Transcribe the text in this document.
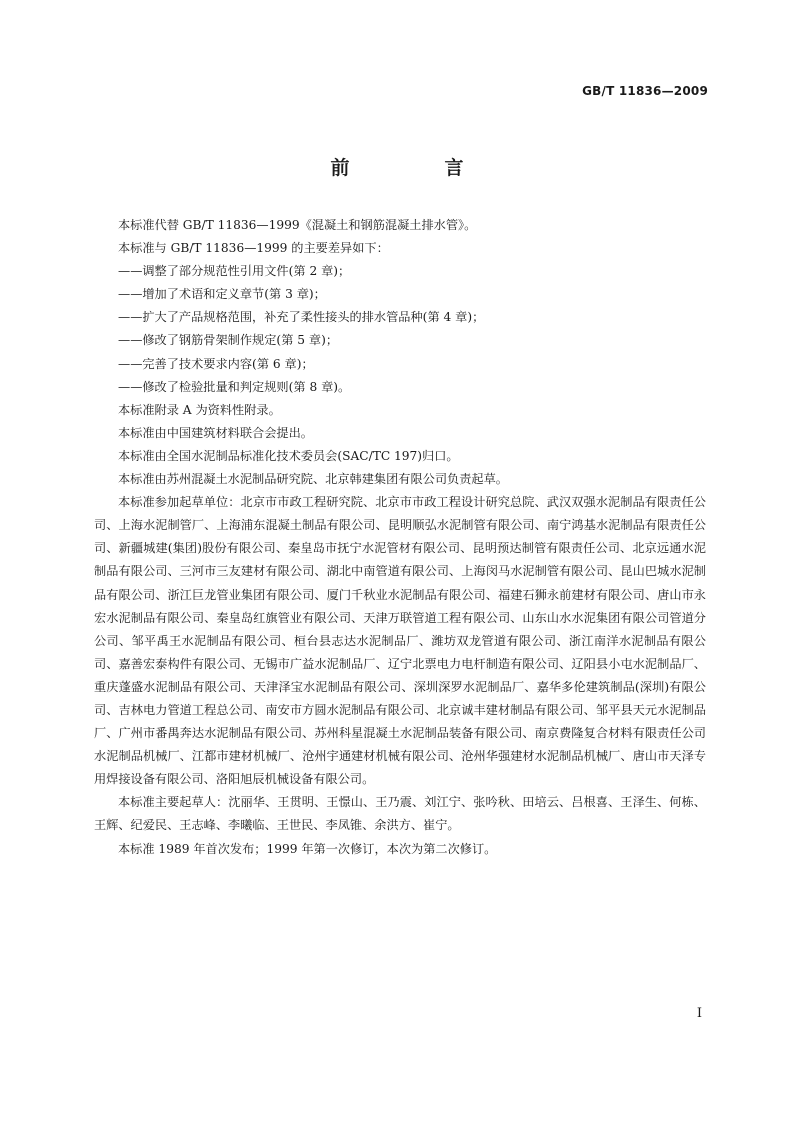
GB/T 11836—2009
前　言

本标准代替 GB/T 11836—1999《混凝土和钢筋混凝土排水管》。

本标准与 GB/T 11836—1999 的主要差异如下：

——调整了部分规范性引用文件(第 2 章)；

——增加了术语和定义章节(第 3 章)；

——扩大了产品规格范围，补充了柔性接头的排水管品种(第 4 章)；

——修改了钢筋骨架制作规定(第 5 章)；

——完善了技术要求内容(第 6 章)；

——修改了检验批量和判定规则(第 8 章)。

本标准附录 A 为资料性附录。

本标准由中国建筑材料联合会提出。

本标准由全国水泥制品标准化技术委员会(SAC/TC 197)归口。

本标准由苏州混凝土水泥制品研究院、北京韩建集团有限公司负责起草。

本标准参加起草单位：北京市市政工程研究院、北京市市政工程设计研究总院、武汉双强水泥制品有限责任公司、上海水泥制管厂、上海浦东混凝土制品有限公司、昆明顺弘水泥制管有限公司、南宁鸿基水泥制品有限责任公司、新疆城建(集团)股份有限公司、秦皇岛市抚宁水泥管材有限公司、昆明预达制管有限责任公司、北京远通水泥制品有限公司、三河市三友建材有限公司、湖北中南管道有限公司、上海闵马水泥制管有限公司、昆山巴城水泥制品有限公司、浙江巨龙管业集团有限公司、厦门千秋业水泥制品有限公司、福建石狮永前建材有限公司、唐山市永宏水泥制品有限公司、秦皇岛红旗管业有限公司、天津万联管道工程有限公司、山东山水水泥集团有限公司管道分公司、邹平禹王水泥制品有限公司、桓台县志达水泥制品厂、潍坊双龙管道有限公司、浙江南洋水泥制品有限公司、嘉善宏泰构件有限公司、无锡市广益水泥制品厂、辽宁北票电力电杆制造有限公司、辽阳县小屯水泥制品厂、重庆蓬盛水泥制品有限公司、天津泽宝水泥制品有限公司、深圳深罗水泥制品厂、嘉华多伦建筑制品(深圳)有限公司、吉林电力管道工程总公司、南安市方圆水泥制品有限公司、北京诚丰建材制品有限公司、邹平县天元水泥制品厂、广州市番禺奔达水泥制品有限公司、苏州科星混凝土水泥制品装备有限公司、南京费隆复合材料有限责任公司水泥制品机械厂、江都市建材机械厂、沧州宇通建材机械有限公司、沧州华强建材水泥制品机械厂、唐山市天泽专用焊接设备有限公司、洛阳旭辰机械设备有限公司。

本标准主要起草人：沈丽华、王贯明、王憬山、王乃震、刘江宁、张吟秋、田培云、吕根喜、王泽生、何栋、王辉、纪爱民、王志峰、李曦临、王世民、李凤锥、余洪方、崔宁。

本标准 1989 年首次发布；1999 年第一次修订，本次为第二次修订。

I
